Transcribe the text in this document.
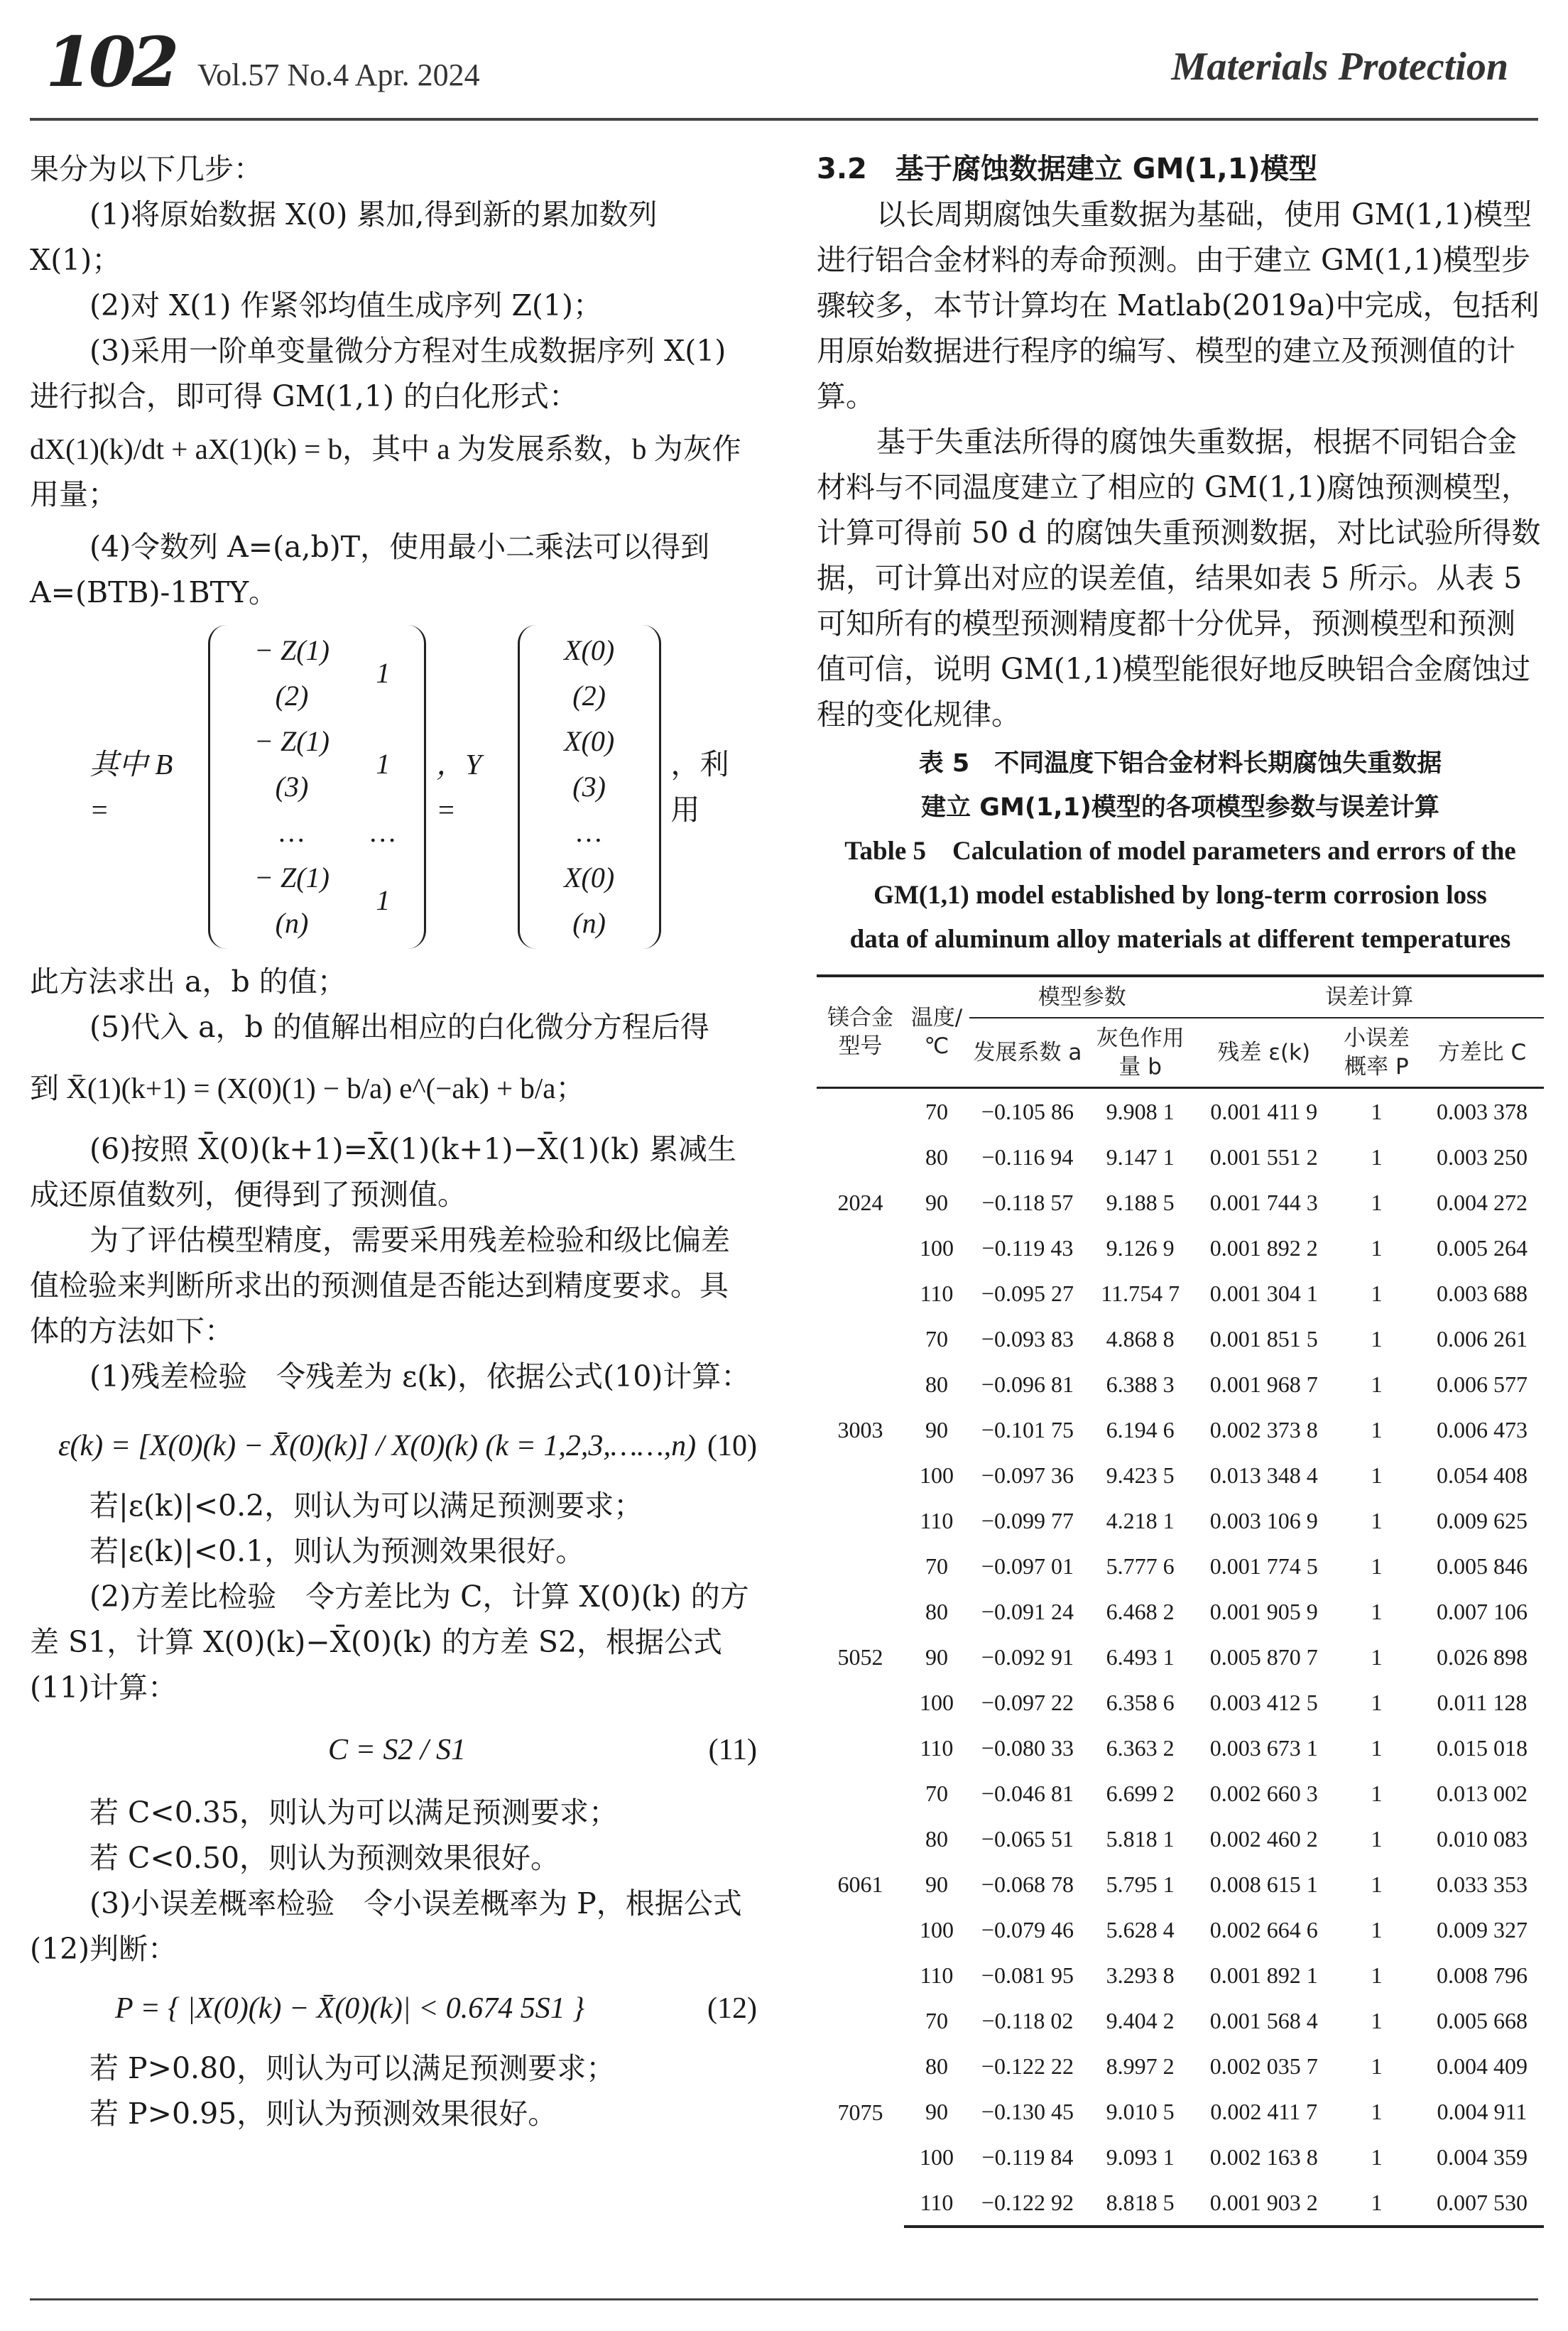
102 Vol.57 No.4 Apr. 2024	Materials Protection

果分为以下几步：

(1)将原始数据 X(0) 累加,得到新的累加数列 X(1)；

(2)对 X(1) 作紧邻均值生成序列 Z(1)；

(3)采用一阶单变量微分方程对生成数据序列 X(1) 进行拟合，即可得 GM(1,1) 的白化形式：

dX(1)(k)/dt + aX(1)(k) = b，其中 a 为发展系数，b 为灰作用量；

(4)令数列 A=(a,b)T，使用最小二乘法可以得到 A=(BTB)-1BTY。

其中 B =
− Z(1)(2)	1
− Z(1)(3)	1
…	…
− Z(1)(n)	1
，Y =
X(0)(2)
X(0)(3)
…
X(0)(n)
，利用

此方法求出 a，b 的值；

(5)代入 a，b 的值解出相应的白化微分方程后得

到 X̄(1)(k+1) = (X(0)(1) − b/a) e^(−ak) + b/a；

(6)按照 X̄(0)(k+1)=X̄(1)(k+1)−X̄(1)(k) 累减生成还原值数列，便得到了预测值。

为了评估模型精度，需要采用残差检验和级比偏差值检验来判断所求出的预测值是否能达到精度要求。具体的方法如下：

(1)残差检验　令残差为 ε(k)，依据公式(10)计算：

ε(k) = [X(0)(k) − X̄(0)(k)] / X(0)(k) (k = 1,2,3,……,n) (10)

若|ε(k)|<0.2，则认为可以满足预测要求；

若|ε(k)|<0.1，则认为预测效果很好。

(2)方差比检验　令方差比为 C，计算 X(0)(k) 的方差 S1，计算 X(0)(k)−X̄(0)(k) 的方差 S2，根据公式(11)计算：

C = S2 / S1	(11)

若 C<0.35，则认为可以满足预测要求；

若 C<0.50，则认为预测效果很好。

(3)小误差概率检验　令小误差概率为 P，根据公式(12)判断：

P = { |X(0)(k) − X̄(0)(k)| < 0.674 5S1 }	(12)

若 P>0.80，则认为可以满足预测要求；

若 P>0.95，则认为预测效果很好。

3.2　基于腐蚀数据建立 GM(1,1)模型

以长周期腐蚀失重数据为基础，使用 GM(1,1)模型进行铝合金材料的寿命预测。由于建立 GM(1,1)模型步骤较多，本节计算均在 Matlab(2019a)中完成，包括利用原始数据进行程序的编写、模型的建立及预测值的计算。

基于失重法所得的腐蚀失重数据，根据不同铝合金材料与不同温度建立了相应的 GM(1,1)腐蚀预测模型，计算可得前 50 d 的腐蚀失重预测数据，对比试验所得数据，可计算出对应的误差值，结果如表 5 所示。从表 5 可知所有的模型预测精度都十分优异，预测模型和预测值可信，说明 GM(1,1)模型能很好地反映铝合金腐蚀过程的变化规律。

表 5　不同温度下铝合金材料长期腐蚀失重数据
建立 GM(1,1)模型的各项模型参数与误差计算
Table 5　Calculation of model parameters and errors of the
GM(1,1) model established by long-term corrosion loss
data of aluminum alloy materials at different temperatures
镁合金型号	温度/℃	模型参数		误差计算		
		发展系数 a	灰色作用量 b	残差 ε(k)	小误差概率 P	方差比 C
2024	70	−0.105 86	9.908 1	0.001 411 9	1	0.003 378
	80	−0.116 94	9.147 1	0.001 551 2	1	0.003 250
	90	−0.118 57	9.188 5	0.001 744 3	1	0.004 272
	100	−0.119 43	9.126 9	0.001 892 2	1	0.005 264
	110	−0.095 27	11.754 7	0.001 304 1	1	0.003 688
3003	70	−0.093 83	4.868 8	0.001 851 5	1	0.006 261
	80	−0.096 81	6.388 3	0.001 968 7	1	0.006 577
	90	−0.101 75	6.194 6	0.002 373 8	1	0.006 473
	100	−0.097 36	9.423 5	0.013 348 4	1	0.054 408
	110	−0.099 77	4.218 1	0.003 106 9	1	0.009 625
5052	70	−0.097 01	5.777 6	0.001 774 5	1	0.005 846
	80	−0.091 24	6.468 2	0.001 905 9	1	0.007 106
	90	−0.092 91	6.493 1	0.005 870 7	1	0.026 898
	100	−0.097 22	6.358 6	0.003 412 5	1	0.011 128
	110	−0.080 33	6.363 2	0.003 673 1	1	0.015 018
6061	70	−0.046 81	6.699 2	0.002 660 3	1	0.013 002
	80	−0.065 51	5.818 1	0.002 460 2	1	0.010 083
	90	−0.068 78	5.795 1	0.008 615 1	1	0.033 353
	100	−0.079 46	5.628 4	0.002 664 6	1	0.009 327
	110	−0.081 95	3.293 8	0.001 892 1	1	0.008 796
7075	70	−0.118 02	9.404 2	0.001 568 4	1	0.005 668
	80	−0.122 22	8.997 2	0.002 035 7	1	0.004 409
	90	−0.130 45	9.010 5	0.002 411 7	1	0.004 911
	100	−0.119 84	9.093 1	0.002 163 8	1	0.004 359
	110	−0.122 92	8.818 5	0.001 903 2	1	0.007 530
